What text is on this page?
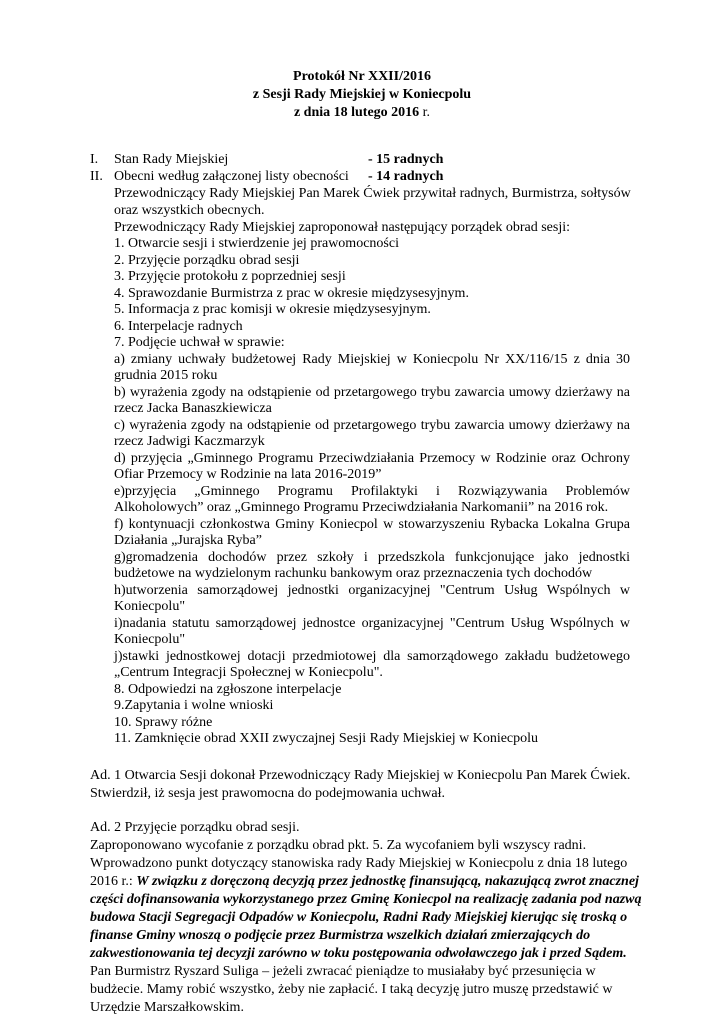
Protokół Nr XXII/2016
z Sesji Rady Miejskiej w Koniecpolu
z dnia 18 lutego 2016 r.
I. Stan Rady Miejskiej	- 15 radnych
II. Obecni według załączonej listy obecności - 14 radnych
Przewodniczący Rady Miejskiej Pan Marek Ćwiek przywitał radnych, Burmistrza, sołtysów
oraz wszystkich obecnych.
Przewodniczący Rady Miejskiej zaproponował następujący porządek obrad sesji:
1. Otwarcie sesji i stwierdzenie jej prawomocności
2. Przyjęcie porządku obrad sesji
3. Przyjęcie protokołu z poprzedniej sesji
4. Sprawozdanie Burmistrza z prac w okresie międzysesyjnym.
5. Informacja z prac komisji w okresie międzysesyjnym.
6. Interpelacje radnych
7. Podjęcie uchwał w sprawie:
a) zmiany uchwały budżetowej Rady Miejskiej w Koniecpolu Nr XX/116/15 z dnia 30
grudnia 2015 roku
b) wyrażenia zgody na odstąpienie od przetargowego trybu zawarcia umowy dzierżawy na
rzecz Jacka Banaszkiewicza
c) wyrażenia zgody na odstąpienie od przetargowego trybu zawarcia umowy dzierżawy na
rzecz Jadwigi Kaczmarzyk
d) przyjęcia „Gminnego Programu Przeciwdziałania Przemocy w Rodzinie oraz Ochrony
Ofiar Przemocy w Rodzinie na lata 2016-2019”
e)przyjęcia „Gminnego Programu Profilaktyki i Rozwiązywania Problemów
Alkoholowych” oraz „Gminnego Programu Przeciwdziałania Narkomanii” na 2016 rok.
f) kontynuacji członkostwa Gminy Koniecpol w stowarzyszeniu Rybacka Lokalna Grupa
Działania „Jurajska Ryba”
g)gromadzenia dochodów przez szkoły i przedszkola funkcjonujące jako jednostki
budżetowe na wydzielonym rachunku bankowym oraz przeznaczenia tych dochodów
h)utworzenia samorządowej jednostki organizacyjnej "Centrum Usług Wspólnych w
Koniecpolu"
i)nadania statutu samorządowej jednostce organizacyjnej "Centrum Usług Wspólnych w
Koniecpolu"
j)stawki jednostkowej dotacji przedmiotowej dla samorządowego zakładu budżetowego
„Centrum Integracji Społecznej w Koniecpolu".
8. Odpowiedzi na zgłoszone interpelacje
9.Zapytania i wolne wnioski
10. Sprawy różne
11. Zamknięcie obrad XXII zwyczajnej Sesji Rady Miejskiej w Koniecpolu
Ad. 1 Otwarcia Sesji dokonał Przewodniczący Rady Miejskiej w Koniecpolu Pan Marek Ćwiek.
Stwierdził, iż sesja jest prawomocna do podejmowania uchwał.
Ad. 2 Przyjęcie porządku obrad sesji.
Zaproponowano wycofanie z porządku obrad pkt. 5. Za wycofaniem byli wszyscy radni.
Wprowadzono punkt dotyczący stanowiska rady Rady Miejskiej w Koniecpolu z dnia 18 lutego
2016 r.: W związku z doręczoną decyzją przez jednostkę finansującą, nakazującą zwrot znacznej
części dofinansowania wykorzystanego przez Gminę Koniecpol na realizację zadania pod nazwą
budowa Stacji Segregacji Odpadów w Koniecpolu, Radni Rady Miejskiej kierując się troską o
finanse Gminy wnoszą o podjęcie przez Burmistrza wszelkich działań zmierzających do
zakwestionowania tej decyzji zarówno w toku postępowania odwoławczego jak i przed Sądem.
Pan Burmistrz Ryszard Suliga – jeżeli zwracać pieniądze to musiałaby być przesunięcia w
budżecie. Mamy robić wszystko, żeby nie zapłacić. I taką decyzję jutro muszę przedstawić w
Urzędzie Marszałkowskim.
